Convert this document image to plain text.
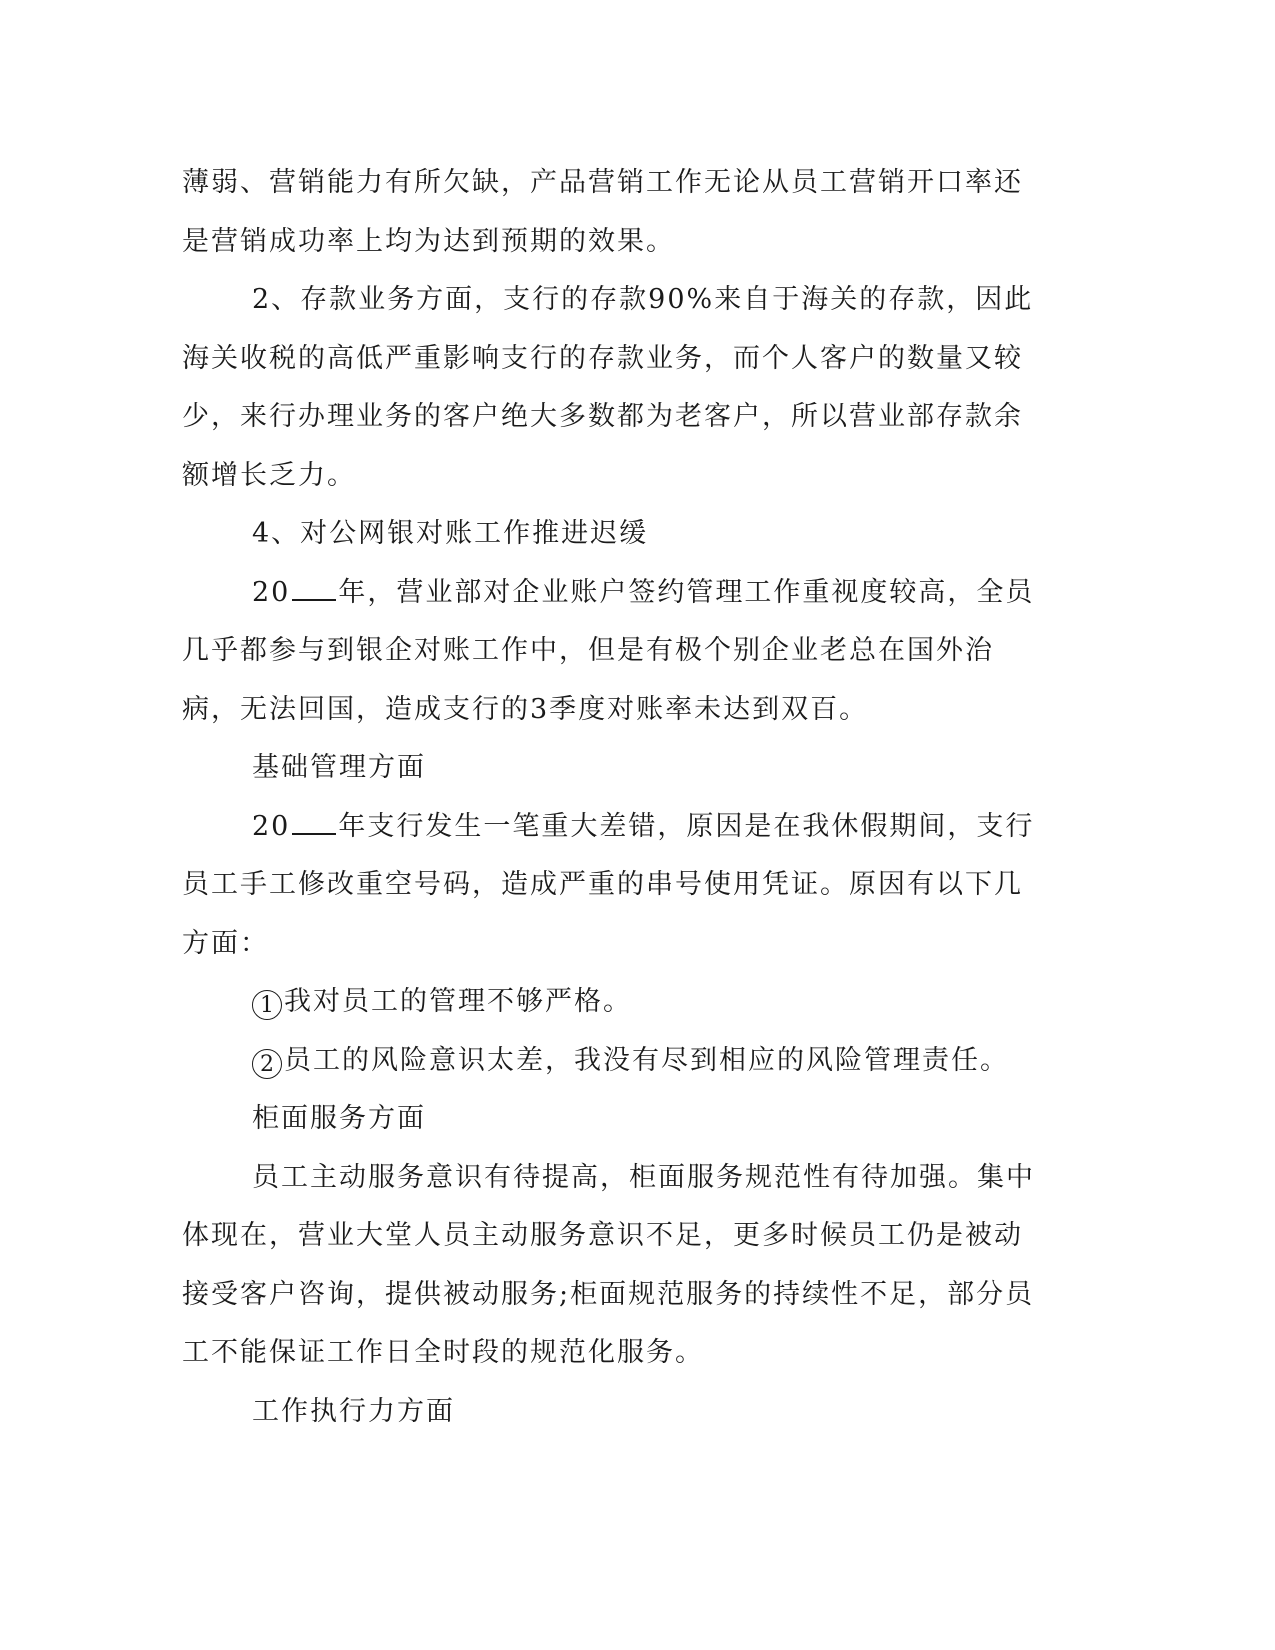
薄弱、营销能力有所欠缺，产品营销工作无论从员工营销开口率还是营销成功率上均为达到预期的效果。

2、存款业务方面，支行的存款90%来自于海关的存款，因此海关收税的高低严重影响支行的存款业务，而个人客户的数量又较少，来行办理业务的客户绝大多数都为老客户，所以营业部存款余额增长乏力。

4、对公网银对账工作推进迟缓

20 年，营业部对企业账户签约管理工作重视度较高，全员几乎都参与到银企对账工作中，但是有极个别企业老总在国外治病，无法回国，造成支行的3季度对账率未达到双百。

基础管理方面

20 年支行发生一笔重大差错，原因是在我休假期间，支行员工手工修改重空号码，造成严重的串号使用凭证。原因有以下几方面：

1 我对员工的管理不够严格。

2 员工的风险意识太差，我没有尽到相应的风险管理责任。

柜面服务方面

员工主动服务意识有待提高，柜面服务规范性有待加强。集中体现在，营业大堂人员主动服务意识不足，更多时候员工仍是被动接受客户咨询，提供被动服务;柜面规范服务的持续性不足，部分员工不能保证工作日全时段的规范化服务。

工作执行力方面
